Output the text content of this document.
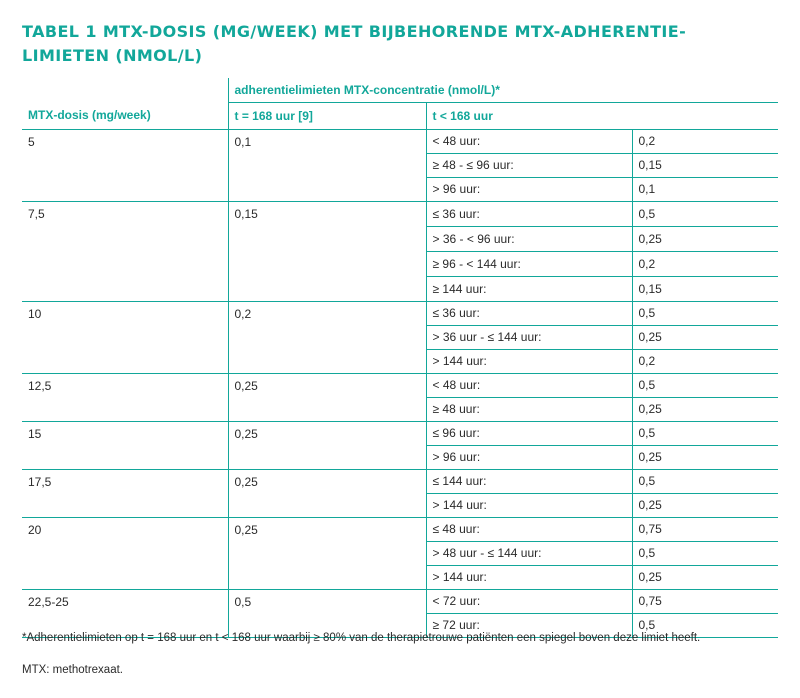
TABEL 1 MTX-DOSIS (MG/WEEK) MET BIJBEHORENDE MTX-ADHERENTIE-
LIMIETEN (NMOL/L)
	adherentielimieten MTX-concentratie (nmol/L)*		
MTX-dosis (mg/week)	t = 168 uur [9]	t < 168 uur	
5	0,1	< 48 uur:	0,2
		≥ 48 - ≤ 96 uur:	0,15
		> 96 uur:	0,1
7,5	0,15	≤ 36 uur:	0,5
		> 36 - < 96 uur:	0,25
		≥ 96 - < 144 uur:	0,2
		≥ 144 uur:	0,15
10	0,2	≤ 36 uur:	0,5
		> 36 uur - ≤ 144 uur:	0,25
		> 144 uur:	0,2
12,5	0,25	< 48 uur:	0,5
		≥ 48 uur:	0,25
15	0,25	≤ 96 uur:	0,5
		> 96 uur:	0,25
17,5	0,25	≤ 144 uur:	0,5
		> 144 uur:	0,25
20	0,25	≤ 48 uur:	0,75
		> 48 uur - ≤ 144 uur:	0,5
		> 144 uur:	0,25
22,5-25	0,5	< 72 uur:	0,75
		≥ 72 uur:	0,5
*Adherentielimieten op t = 168 uur en t < 168 uur waarbij ≥ 80% van de therapietrouwe patiënten een spiegel boven deze limiet heeft.
MTX: methotrexaat.
